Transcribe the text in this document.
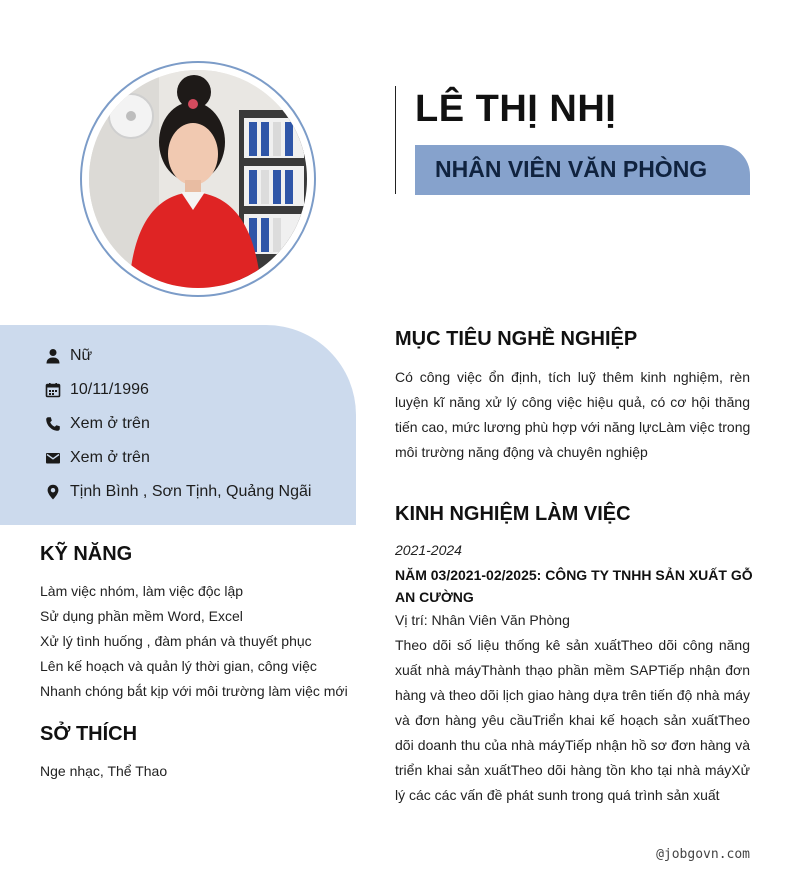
LÊ THỊ NHỊ
NHÂN VIÊN VĂN PHÒNG
Nữ
10/11/1996
Xem ở trên
Xem ở trên
Tịnh Bình , Sơn Tịnh, Quảng Ngãi
KỸ NĂNG
Làm việc nhóm, làm việc độc lập
Sử dụng phần mềm Word, Excel
Xử lý tình huống , đàm phán và thuyết phục
Lên kế hoạch và quản lý thời gian, công việc
Nhanh chóng bắt kịp với môi trường làm việc mới
SỞ THÍCH
Nge nhạc, Thể Thao
MỤC TIÊU NGHỀ NGHIỆP

Có công việc ổn định, tích luỹ thêm kinh nghiệm, rèn

luyện kĩ năng xử lý công việc hiệu quả, có cơ hội thăng

tiến cao, mức lương phù hợp với năng lựcLàm việc trong

môi trường năng động và chuyên nghiệp

KINH NGHIỆM LÀM VIỆC
2021-2024
NĂM 03/2021-02/2025: CÔNG TY TNHH SẢN XUẤT GỖ
AN CƯỜNG
Vị trí: Nhân Viên Văn Phòng

Theo dõi số liệu thống kê sản xuấtTheo dõi công năng

xuất nhà máyThành thạo phần mềm SAPTiếp nhận đơn

hàng và theo dõi lịch giao hàng dựa trên tiến độ nhà máy

và đơn hàng yêu cầuTriển khai kế hoạch sản xuấtTheo

dõi doanh thu của nhà máyTiếp nhận hồ sơ đơn hàng và

triển khai sản xuấtTheo dõi hàng tồn kho tại nhà máyXử

lý các các vấn đề phát sunh trong quá trình sản xuất

@jobgovn.com
